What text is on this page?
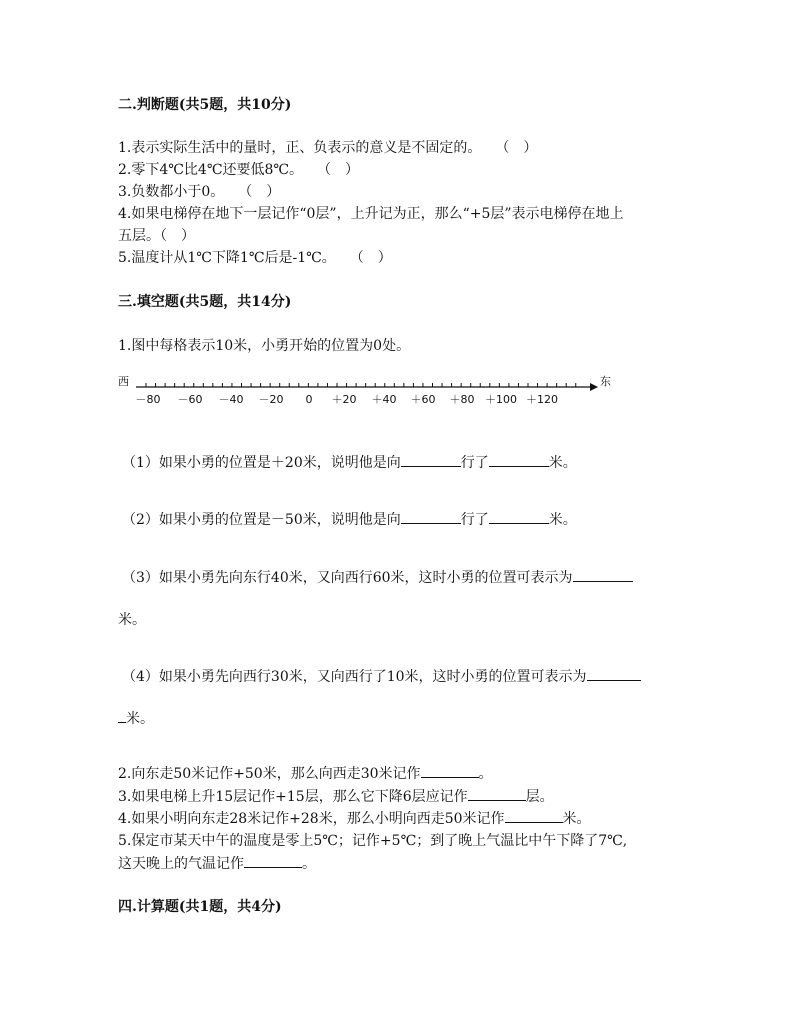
二.判断题(共5题，共10分)
1.表示实际生活中的量时，正、负表示的意义是不固定的。　　（　）
2.零下4℃比4℃还要低8℃。　　（　）
3.负数都小于0。　　（　）
4.如果电梯停在地下一层记作“0层”，上升记为正，那么“+5层”表示电梯停在地上
五层。（　）
5.温度计从1℃下降1℃后是-1℃。　　（　）
三.填空题(共5题，共14分)
1.图中每格表示10米，小勇开始的位置为0处。
西	东
－80 －60 －40 －20 0 ＋20 ＋40 ＋60 ＋80 ＋100 ＋120
（1）如果小勇的位置是＋20米，说明他是向	行了	米。
（2）如果小勇的位置是－50米，说明他是向	行了	米。
（3）如果小勇先向东行40米，又向西行60米，这时小勇的位置可表示为
米。
（4）如果小勇先向西行30米，又向西行了10米，这时小勇的位置可表示为
米。
2.向东走50米记作+50米，那么向西走30米记作	。
3.如果电梯上升15层记作+15层，那么它下降6层应记作	层。
4.如果小明向东走28米记作+28米，那么小明向西走50米记作	米。
5.保定市某天中午的温度是零上5℃；记作+5℃；到了晚上气温比中午下降了7℃,
这天晚上的气温记作	。
四.计算题(共1题，共4分)
